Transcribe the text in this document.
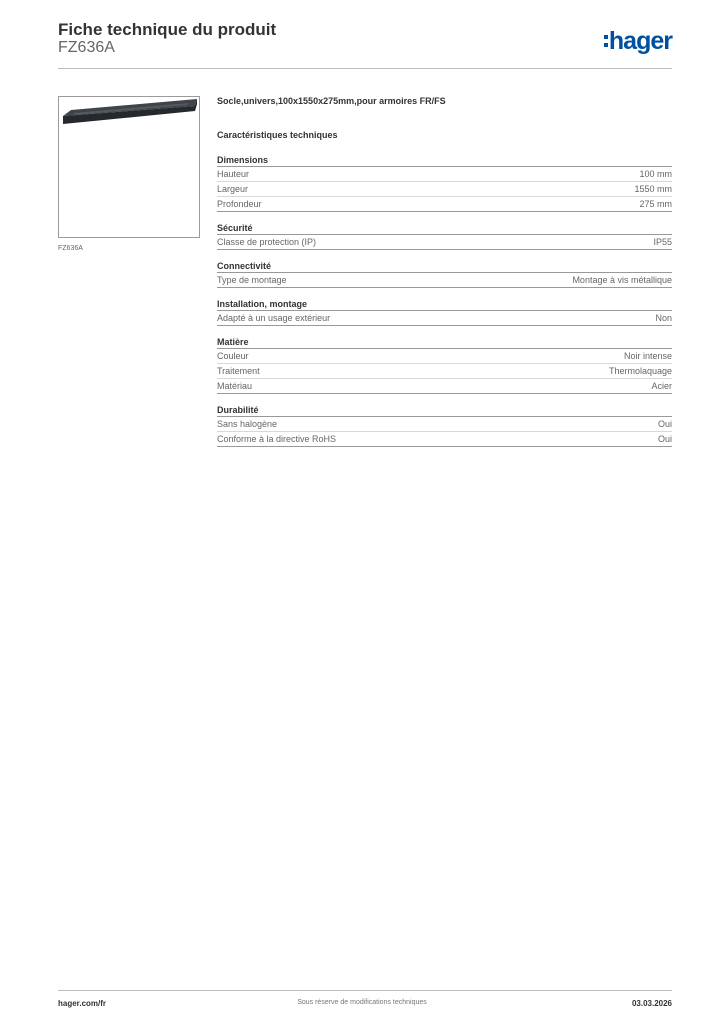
Fiche technique du produit
FZ636A	hager
FZ636A
Socle,univers,100x1550x275mm,pour armoires FR/FS
Caractéristiques techniques
Dimensions
Hauteur	100 mm
Largeur	1550 mm
Profondeur	275 mm
Sécurité
Classe de protection (IP)	IP55
Connectivité
Type de montage	Montage à vis métallique
Installation, montage
Adapté à un usage extérieur	Non
Matière
Couleur	Noir intense
Traitement	Thermolaquage
Matériau	Acier
Durabilité
Sans halogène	Oui
Conforme à la directive RoHS	Oui
hager.com/fr	Sous réserve de modifications techniques	03.03.2026
